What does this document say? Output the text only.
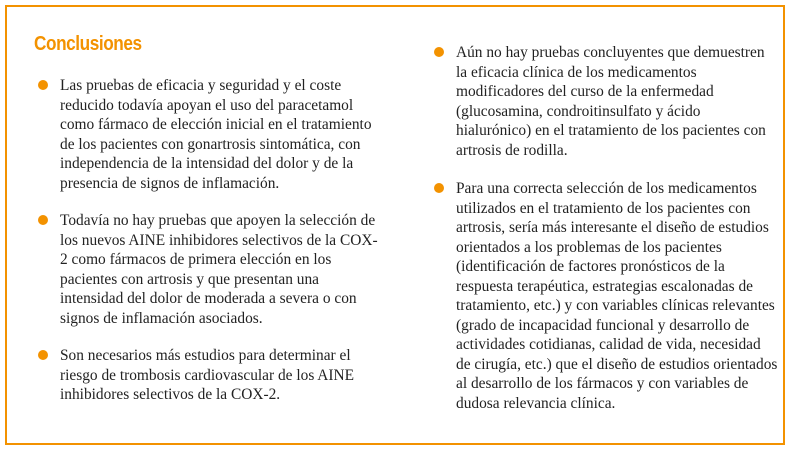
Conclusiones
Las pruebas de eficacia y seguridad y el coste reducido todavía apoyan el uso del paracetamol como fármaco de elección inicial en el tratamiento de los pacientes con gonartrosis sintomática, con independencia de la intensidad del dolor y de la presencia de signos de inflamación.
Todavía no hay pruebas que apoyen la selección de los nuevos AINE inhibidores selectivos de la COX-2 como fármacos de primera elección en los pacientes con artrosis y que presentan una intensidad del dolor de moderada a severa o con signos de inflamación asociados.
Son necesarios más estudios para determinar el riesgo de trombosis cardiovascular de los AINE inhibidores selectivos de la COX-2.
Aún no hay pruebas concluyentes que demuestren la eficacia clínica de los medicamentos modificadores del curso de la enfermedad (glucosamina, condroitinsulfato y ácido hialurónico) en el tratamiento de los pacientes con artrosis de rodilla.
Para una correcta selección de los medicamentos utilizados en el tratamiento de los pacientes con artrosis, sería más interesante el diseño de estudios orientados a los problemas de los pacientes (identificación de factores pronósticos de la respuesta terapéutica, estrategias escalonadas de tratamiento, etc.) y con variables clínicas relevantes (grado de incapacidad funcional y desarrollo de actividades cotidianas, calidad de vida, necesidad de cirugía, etc.) que el diseño de estudios orientados al desarrollo de los fármacos y con variables de dudosa relevancia clínica.
